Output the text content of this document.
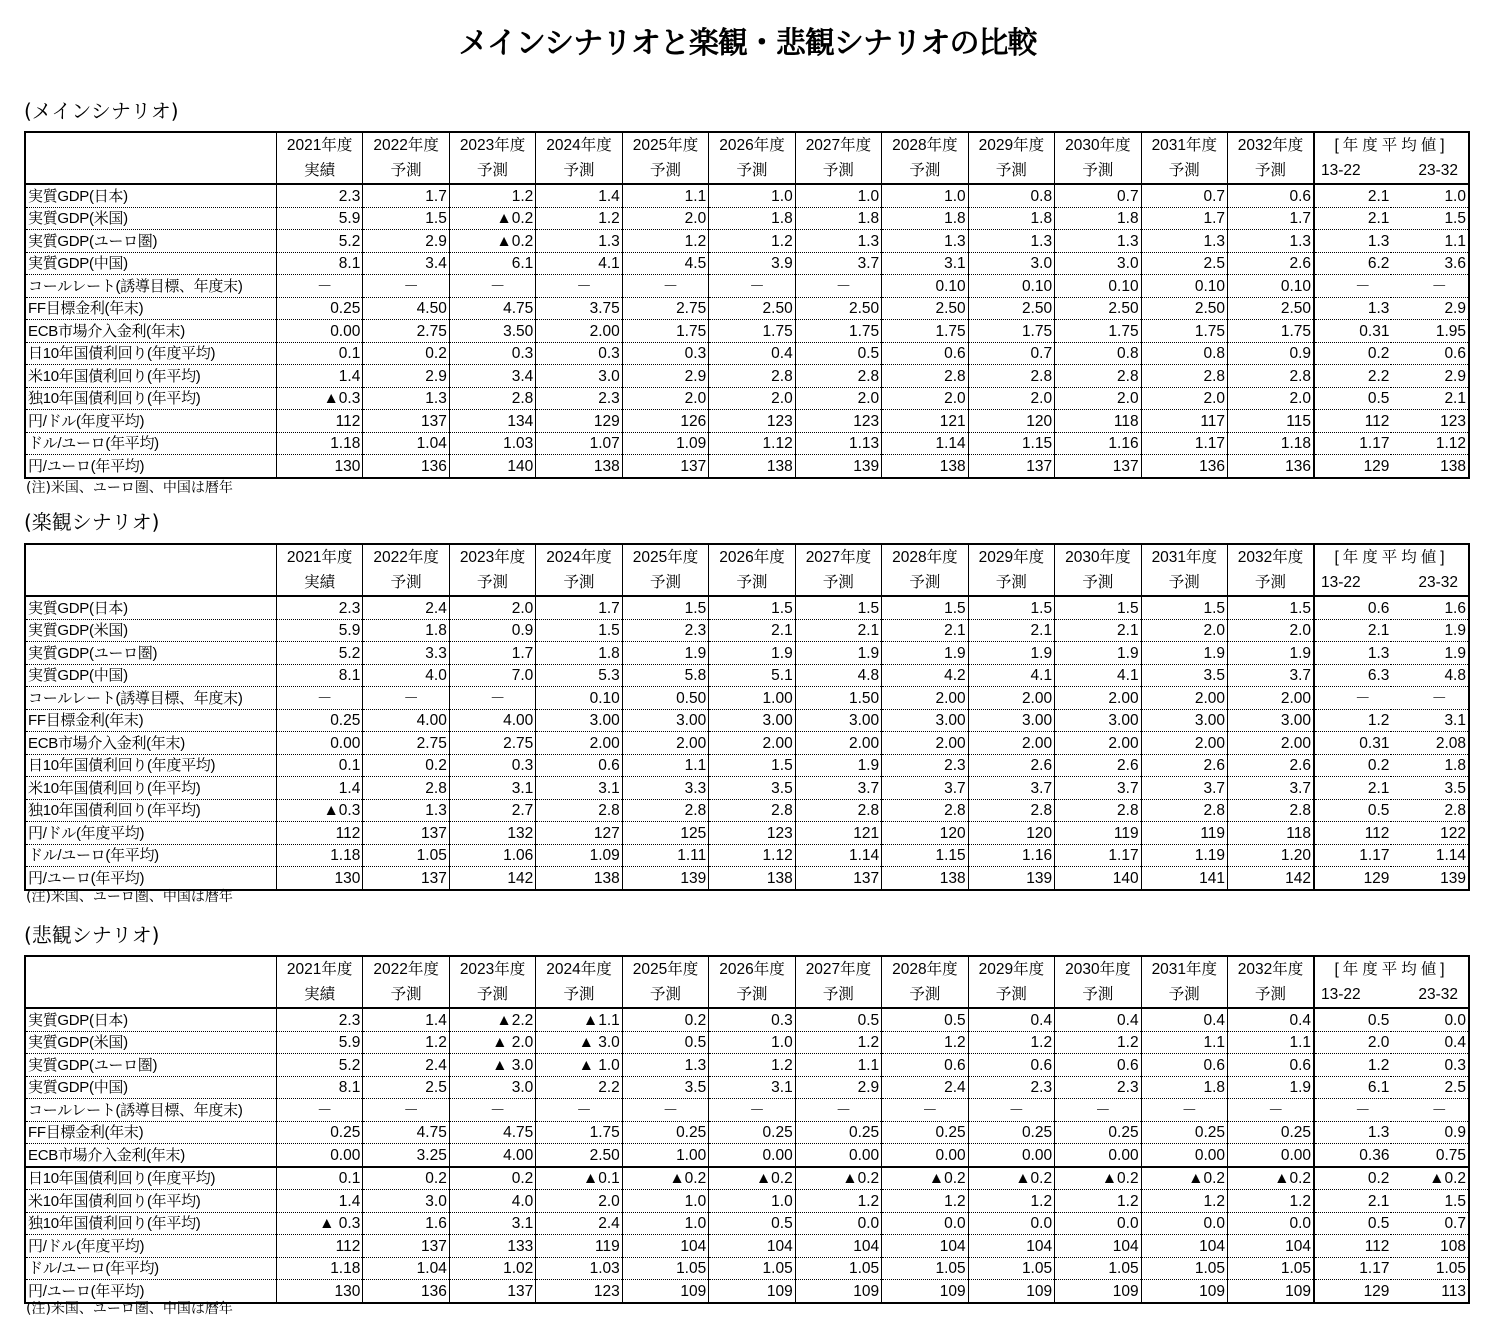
メインシナリオと楽観・悲観シナリオの比較
(メインシナリオ)
	2021年度	2022年度	2023年度	2024年度	2025年度	2026年度	2027年度	2028年度	2029年度	2030年度	2031年度	2032年度	[年度平均値]	
	実績	予測	予測	予測	予測	予測	予測	予測	予測	予測	予測	予測	13-22	23-32
実質GDP(日本)	2.3	1.7	1.2	1.4	1.1	1.0	1.0	1.0	0.8	0.7	0.7	0.6	2.1	1.0
実質GDP(米国)	5.9	1.5	▲0.2	1.2	2.0	1.8	1.8	1.8	1.8	1.8	1.7	1.7	2.1	1.5
実質GDP(ユーロ圏)	5.2	2.9	▲0.2	1.3	1.2	1.2	1.3	1.3	1.3	1.3	1.3	1.3	1.3	1.1
実質GDP(中国)	8.1	3.4	6.1	4.1	4.5	3.9	3.7	3.1	3.0	3.0	2.5	2.6	6.2	3.6
コールレート(誘導目標、年度末)	－	－	－	－	－	－	－	0.10	0.10	0.10	0.10	0.10	－	－
FF目標金利(年末)	0.25	4.50	4.75	3.75	2.75	2.50	2.50	2.50	2.50	2.50	2.50	2.50	1.3	2.9
ECB市場介入金利(年末)	0.00	2.75	3.50	2.00	1.75	1.75	1.75	1.75	1.75	1.75	1.75	1.75	0.31	1.95
日10年国債利回り(年度平均)	0.1	0.2	0.3	0.3	0.3	0.4	0.5	0.6	0.7	0.8	0.8	0.9	0.2	0.6
米10年国債利回り(年平均)	1.4	2.9	3.4	3.0	2.9	2.8	2.8	2.8	2.8	2.8	2.8	2.8	2.2	2.9
独10年国債利回り(年平均)	▲0.3	1.3	2.8	2.3	2.0	2.0	2.0	2.0	2.0	2.0	2.0	2.0	0.5	2.1
円/ドル(年度平均)	112	137	134	129	126	123	123	121	120	118	117	115	112	123
ドル/ユーロ(年平均)	1.18	1.04	1.03	1.07	1.09	1.12	1.13	1.14	1.15	1.16	1.17	1.18	1.17	1.12
円/ユーロ(年平均)	130	136	140	138	137	138	139	138	137	137	136	136	129	138
(注)米国、ユーロ圏、中国は暦年
(楽観シナリオ)
	2021年度	2022年度	2023年度	2024年度	2025年度	2026年度	2027年度	2028年度	2029年度	2030年度	2031年度	2032年度	[年度平均値]	
	実績	予測	予測	予測	予測	予測	予測	予測	予測	予測	予測	予測	13-22	23-32
実質GDP(日本)	2.3	2.4	2.0	1.7	1.5	1.5	1.5	1.5	1.5	1.5	1.5	1.5	0.6	1.6
実質GDP(米国)	5.9	1.8	0.9	1.5	2.3	2.1	2.1	2.1	2.1	2.1	2.0	2.0	2.1	1.9
実質GDP(ユーロ圏)	5.2	3.3	1.7	1.8	1.9	1.9	1.9	1.9	1.9	1.9	1.9	1.9	1.3	1.9
実質GDP(中国)	8.1	4.0	7.0	5.3	5.8	5.1	4.8	4.2	4.1	4.1	3.5	3.7	6.3	4.8
コールレート(誘導目標、年度末)	－	－	－	0.10	0.50	1.00	1.50	2.00	2.00	2.00	2.00	2.00	－	－
FF目標金利(年末)	0.25	4.00	4.00	3.00	3.00	3.00	3.00	3.00	3.00	3.00	3.00	3.00	1.2	3.1
ECB市場介入金利(年末)	0.00	2.75	2.75	2.00	2.00	2.00	2.00	2.00	2.00	2.00	2.00	2.00	0.31	2.08
日10年国債利回り(年度平均)	0.1	0.2	0.3	0.6	1.1	1.5	1.9	2.3	2.6	2.6	2.6	2.6	0.2	1.8
米10年国債利回り(年平均)	1.4	2.8	3.1	3.1	3.3	3.5	3.7	3.7	3.7	3.7	3.7	3.7	2.1	3.5
独10年国債利回り(年平均)	▲0.3	1.3	2.7	2.8	2.8	2.8	2.8	2.8	2.8	2.8	2.8	2.8	0.5	2.8
円/ドル(年度平均)	112	137	132	127	125	123	121	120	120	119	119	118	112	122
ドル/ユーロ(年平均)	1.18	1.05	1.06	1.09	1.11	1.12	1.14	1.15	1.16	1.17	1.19	1.20	1.17	1.14
円/ユーロ(年平均)	130	137	142	138	139	138	137	138	139	140	141	142	129	139
(注)米国、ユーロ圏、中国は暦年
(悲観シナリオ)
	2021年度	2022年度	2023年度	2024年度	2025年度	2026年度	2027年度	2028年度	2029年度	2030年度	2031年度	2032年度	[年度平均値]	
	実績	予測	予測	予測	予測	予測	予測	予測	予測	予測	予測	予測	13-22	23-32
実質GDP(日本)	2.3	1.4	▲2.2	▲1.1	0.2	0.3	0.5	0.5	0.4	0.4	0.4	0.4	0.5	0.0
実質GDP(米国)	5.9	1.2	▲ 2.0	▲ 3.0	0.5	1.0	1.2	1.2	1.2	1.2	1.1	1.1	2.0	0.4
実質GDP(ユーロ圏)	5.2	2.4	▲ 3.0	▲ 1.0	1.3	1.2	1.1	0.6	0.6	0.6	0.6	0.6	1.2	0.3
実質GDP(中国)	8.1	2.5	3.0	2.2	3.5	3.1	2.9	2.4	2.3	2.3	1.8	1.9	6.1	2.5
コールレート(誘導目標、年度末)	－	－	－	－	－	－	－	－	－	－	－	－	－	－
FF目標金利(年末)	0.25	4.75	4.75	1.75	0.25	0.25	0.25	0.25	0.25	0.25	0.25	0.25	1.3	0.9
ECB市場介入金利(年末)	0.00	3.25	4.00	2.50	1.00	0.00	0.00	0.00	0.00	0.00	0.00	0.00	0.36	0.75
日10年国債利回り(年度平均)	0.1	0.2	0.2	▲0.1	▲0.2	▲0.2	▲0.2	▲0.2	▲0.2	▲0.2	▲0.2	▲0.2	0.2	▲0.2
米10年国債利回り(年平均)	1.4	3.0	4.0	2.0	1.0	1.0	1.2	1.2	1.2	1.2	1.2	1.2	2.1	1.5
独10年国債利回り(年平均)	▲ 0.3	1.6	3.1	2.4	1.0	0.5	0.0	0.0	0.0	0.0	0.0	0.0	0.5	0.7
円/ドル(年度平均)	112	137	133	119	104	104	104	104	104	104	104	104	112	108
ドル/ユーロ(年平均)	1.18	1.04	1.02	1.03	1.05	1.05	1.05	1.05	1.05	1.05	1.05	1.05	1.17	1.05
円/ユーロ(年平均)	130	136	137	123	109	109	109	109	109	109	109	109	129	113
(注)米国、ユーロ圏、中国は暦年
